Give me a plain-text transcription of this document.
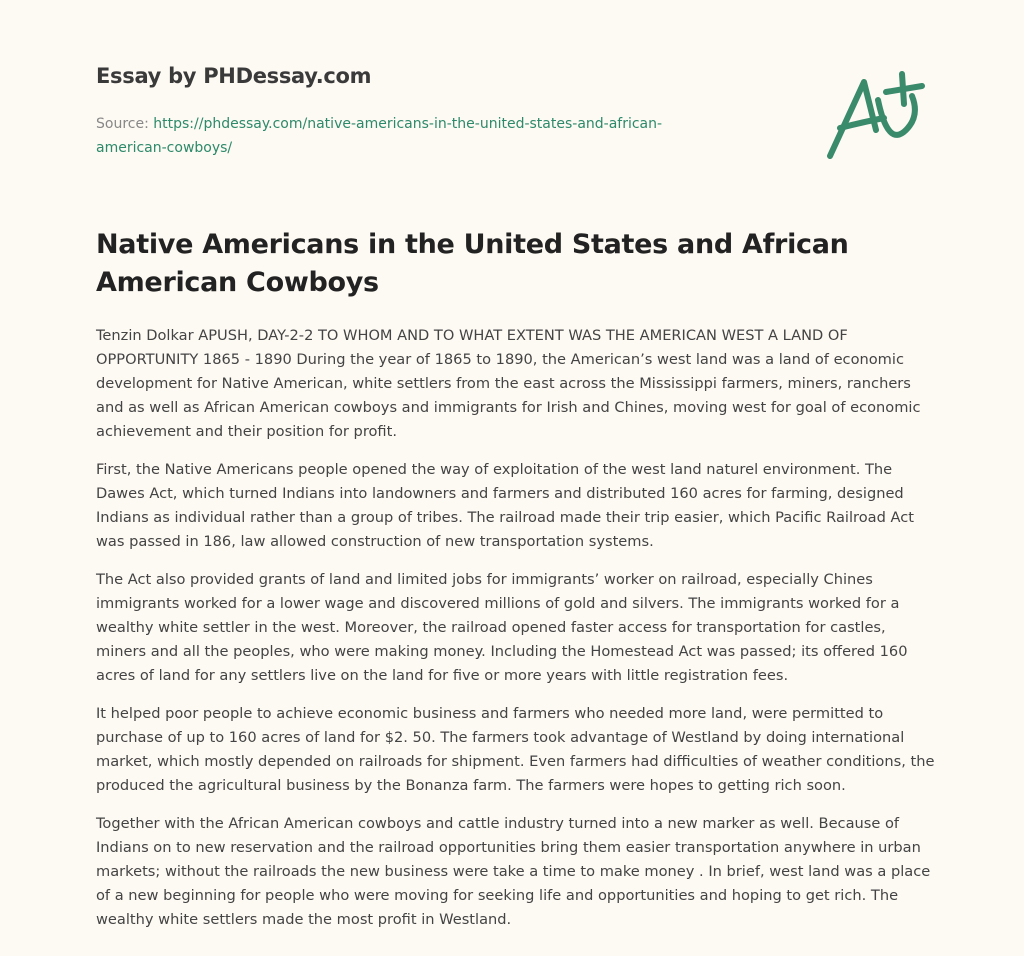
Essay by PHDessay.com
Source: https://phdessay.com/native-americans-in-the-united-states-and-african-american-cowboys/
Native Americans in the United States and African American Cowboys

Tenzin Dolkar APUSH, DAY-2-2 TO WHOM AND TO WHAT EXTENT WAS THE AMERICAN WEST A LAND OF OPPORTUNITY 1865 - 1890 During the year of 1865 to 1890, the American’s west land was a land of economic development for Native American, white settlers from the east across the Mississippi farmers, miners, ranchers and as well as African American cowboys and immigrants for Irish and Chines, moving west for goal of economic achievement and their position for profit.

First, the Native Americans people opened the way of exploitation of the west land naturel environment. The Dawes Act, which turned Indians into landowners and farmers and distributed 160 acres for farming, designed Indians as individual rather than a group of tribes. The railroad made their trip easier, which Pacific Railroad Act was passed in 186, law allowed construction of new transportation systems.

The Act also provided grants of land and limited jobs for immigrants’ worker on railroad, especially Chines immigrants worked for a lower wage and discovered millions of gold and silvers. The immigrants worked for a wealthy white settler in the west. Moreover, the railroad opened faster access for transportation for castles, miners and all the peoples, who were making money. Including the Homestead Act was passed; its offered 160 acres of land for any settlers live on the land for five or more years with little registration fees.

It helped poor people to achieve economic business and farmers who needed more land, were permitted to purchase of up to 160 acres of land for $2. 50. The farmers took advantage of Westland by doing international market, which mostly depended on railroads for shipment. Even farmers had difficulties of weather conditions, the produced the agricultural business by the Bonanza farm. The farmers were hopes to getting rich soon.

Together with the African American cowboys and cattle industry turned into a new marker as well. Because of Indians on to new reservation and the railroad opportunities bring them easier transportation anywhere in urban markets; without the railroads the new business were take a time to make money . In brief, west land was a place of a new beginning for people who were moving for seeking life and opportunities and hoping to get rich. The wealthy white settlers made the most profit in Westland.
